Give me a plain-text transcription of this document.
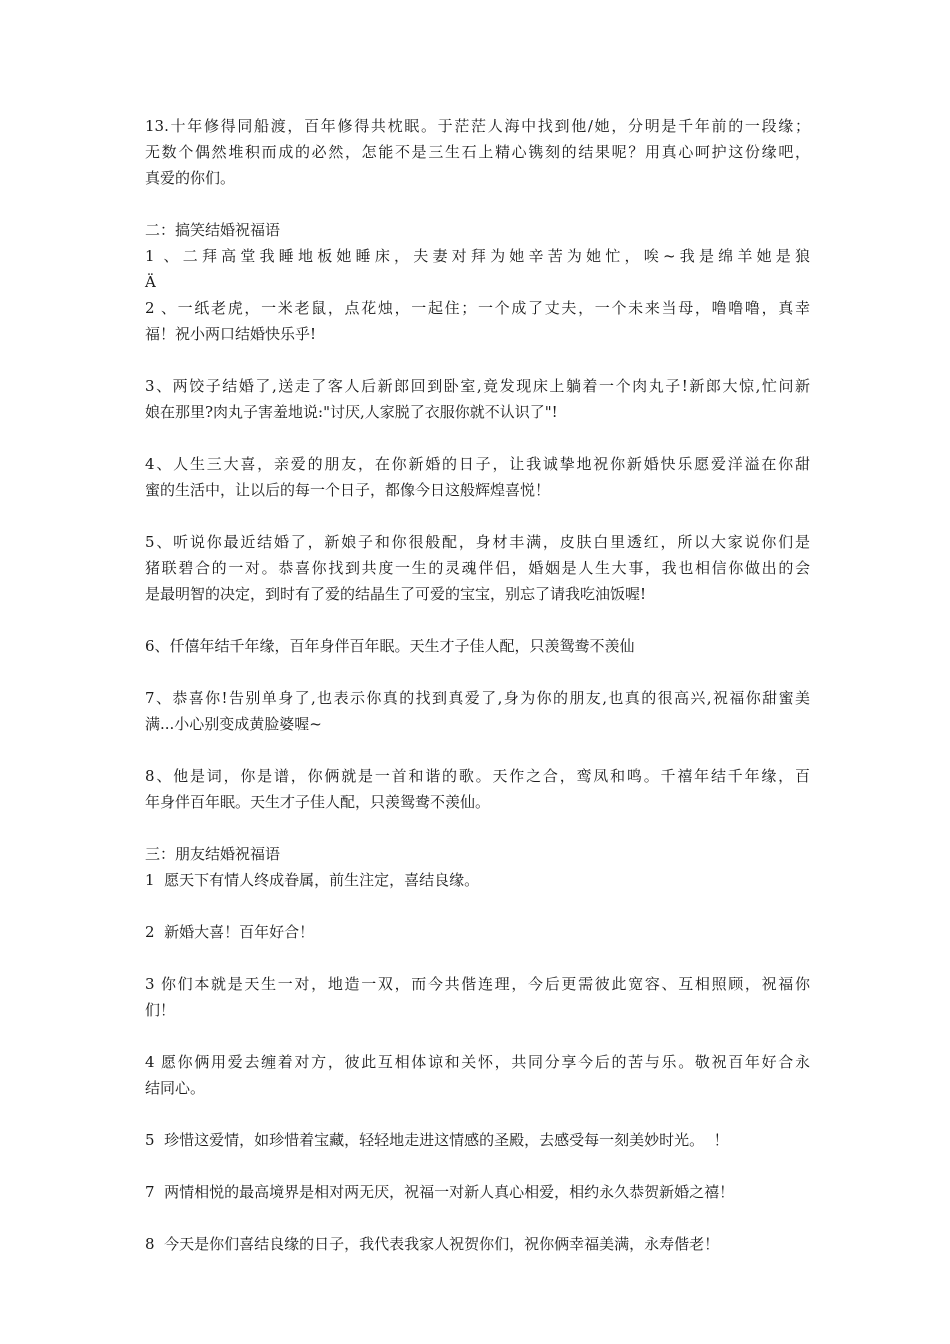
13.十年修得同船渡，百年修得共枕眠。于茫茫人海中找到他/她，分明是千年前的一段缘；
无数个偶然堆积而成的必然，怎能不是三生石上精心镌刻的结果呢？用真心呵护这份缘吧，
真爱的你们。
二：搞笑结婚祝福语
1 、二拜高堂我睡地板她睡床，夫妻对拜为她辛苦为她忙，唉~我是绵羊她是狼
Ä
2 、一纸老虎，一米老鼠，点花烛，一起住；一个成了丈夫，一个未来当母，噜噜噜，真幸
福！祝小两口结婚快乐乎!
3、两饺子结婚了,送走了客人后新郎回到卧室,竟发现床上躺着一个肉丸子!新郎大惊,忙问新
娘在那里?肉丸子害羞地说:"讨厌,人家脱了衣服你就不认识了"!
4、人生三大喜，亲爱的朋友，在你新婚的日子，让我诚挚地祝你新婚快乐愿爱洋溢在你甜
蜜的生活中，让以后的每一个日子，都像今日这般辉煌喜悦！
5、听说你最近结婚了，新娘子和你很般配，身材丰满，皮肤白里透红，所以大家说你们是
猪联碧合的一对。恭喜你找到共度一生的灵魂伴侣，婚姻是人生大事，我也相信你做出的会
是最明智的决定，到时有了爱的结晶生了可爱的宝宝，别忘了请我吃油饭喔!
6、仟僖年结千年缘，百年身伴百年眠。天生才子佳人配，只羡鸳鸯不羡仙
7、恭喜你!告别单身了,也表示你真的找到真爱了,身为你的朋友,也真的很高兴,祝福你甜蜜美
满...小心别变成黄脸婆喔~
8、他是词，你是谱，你俩就是一首和谐的歌。天作之合，鸾凤和鸣。千禧年结千年缘，百
年身伴百年眠。天生才子佳人配，只羡鸳鸯不羡仙。
三：朋友结婚祝福语
1  愿天下有情人终成眷属，前生注定，喜结良缘。
2  新婚大喜！百年好合！
3 你们本就是天生一对，地造一双，而今共偕连理，今后更需彼此宽容、互相照顾，祝福你
们！
4 愿你俩用爱去缠着对方，彼此互相体谅和关怀，共同分享今后的苦与乐。敬祝百年好合永
结同心。
5  珍惜这爱情，如珍惜着宝藏，轻轻地走进这情感的圣殿，去感受每一刻美妙时光。  ！
7  两情相悦的最高境界是相对两无厌，祝福一对新人真心相爱，相约永久恭贺新婚之禧！
8  今天是你们喜结良缘的日子，我代表我家人祝贺你们，祝你俩幸福美满，永寿偕老！
